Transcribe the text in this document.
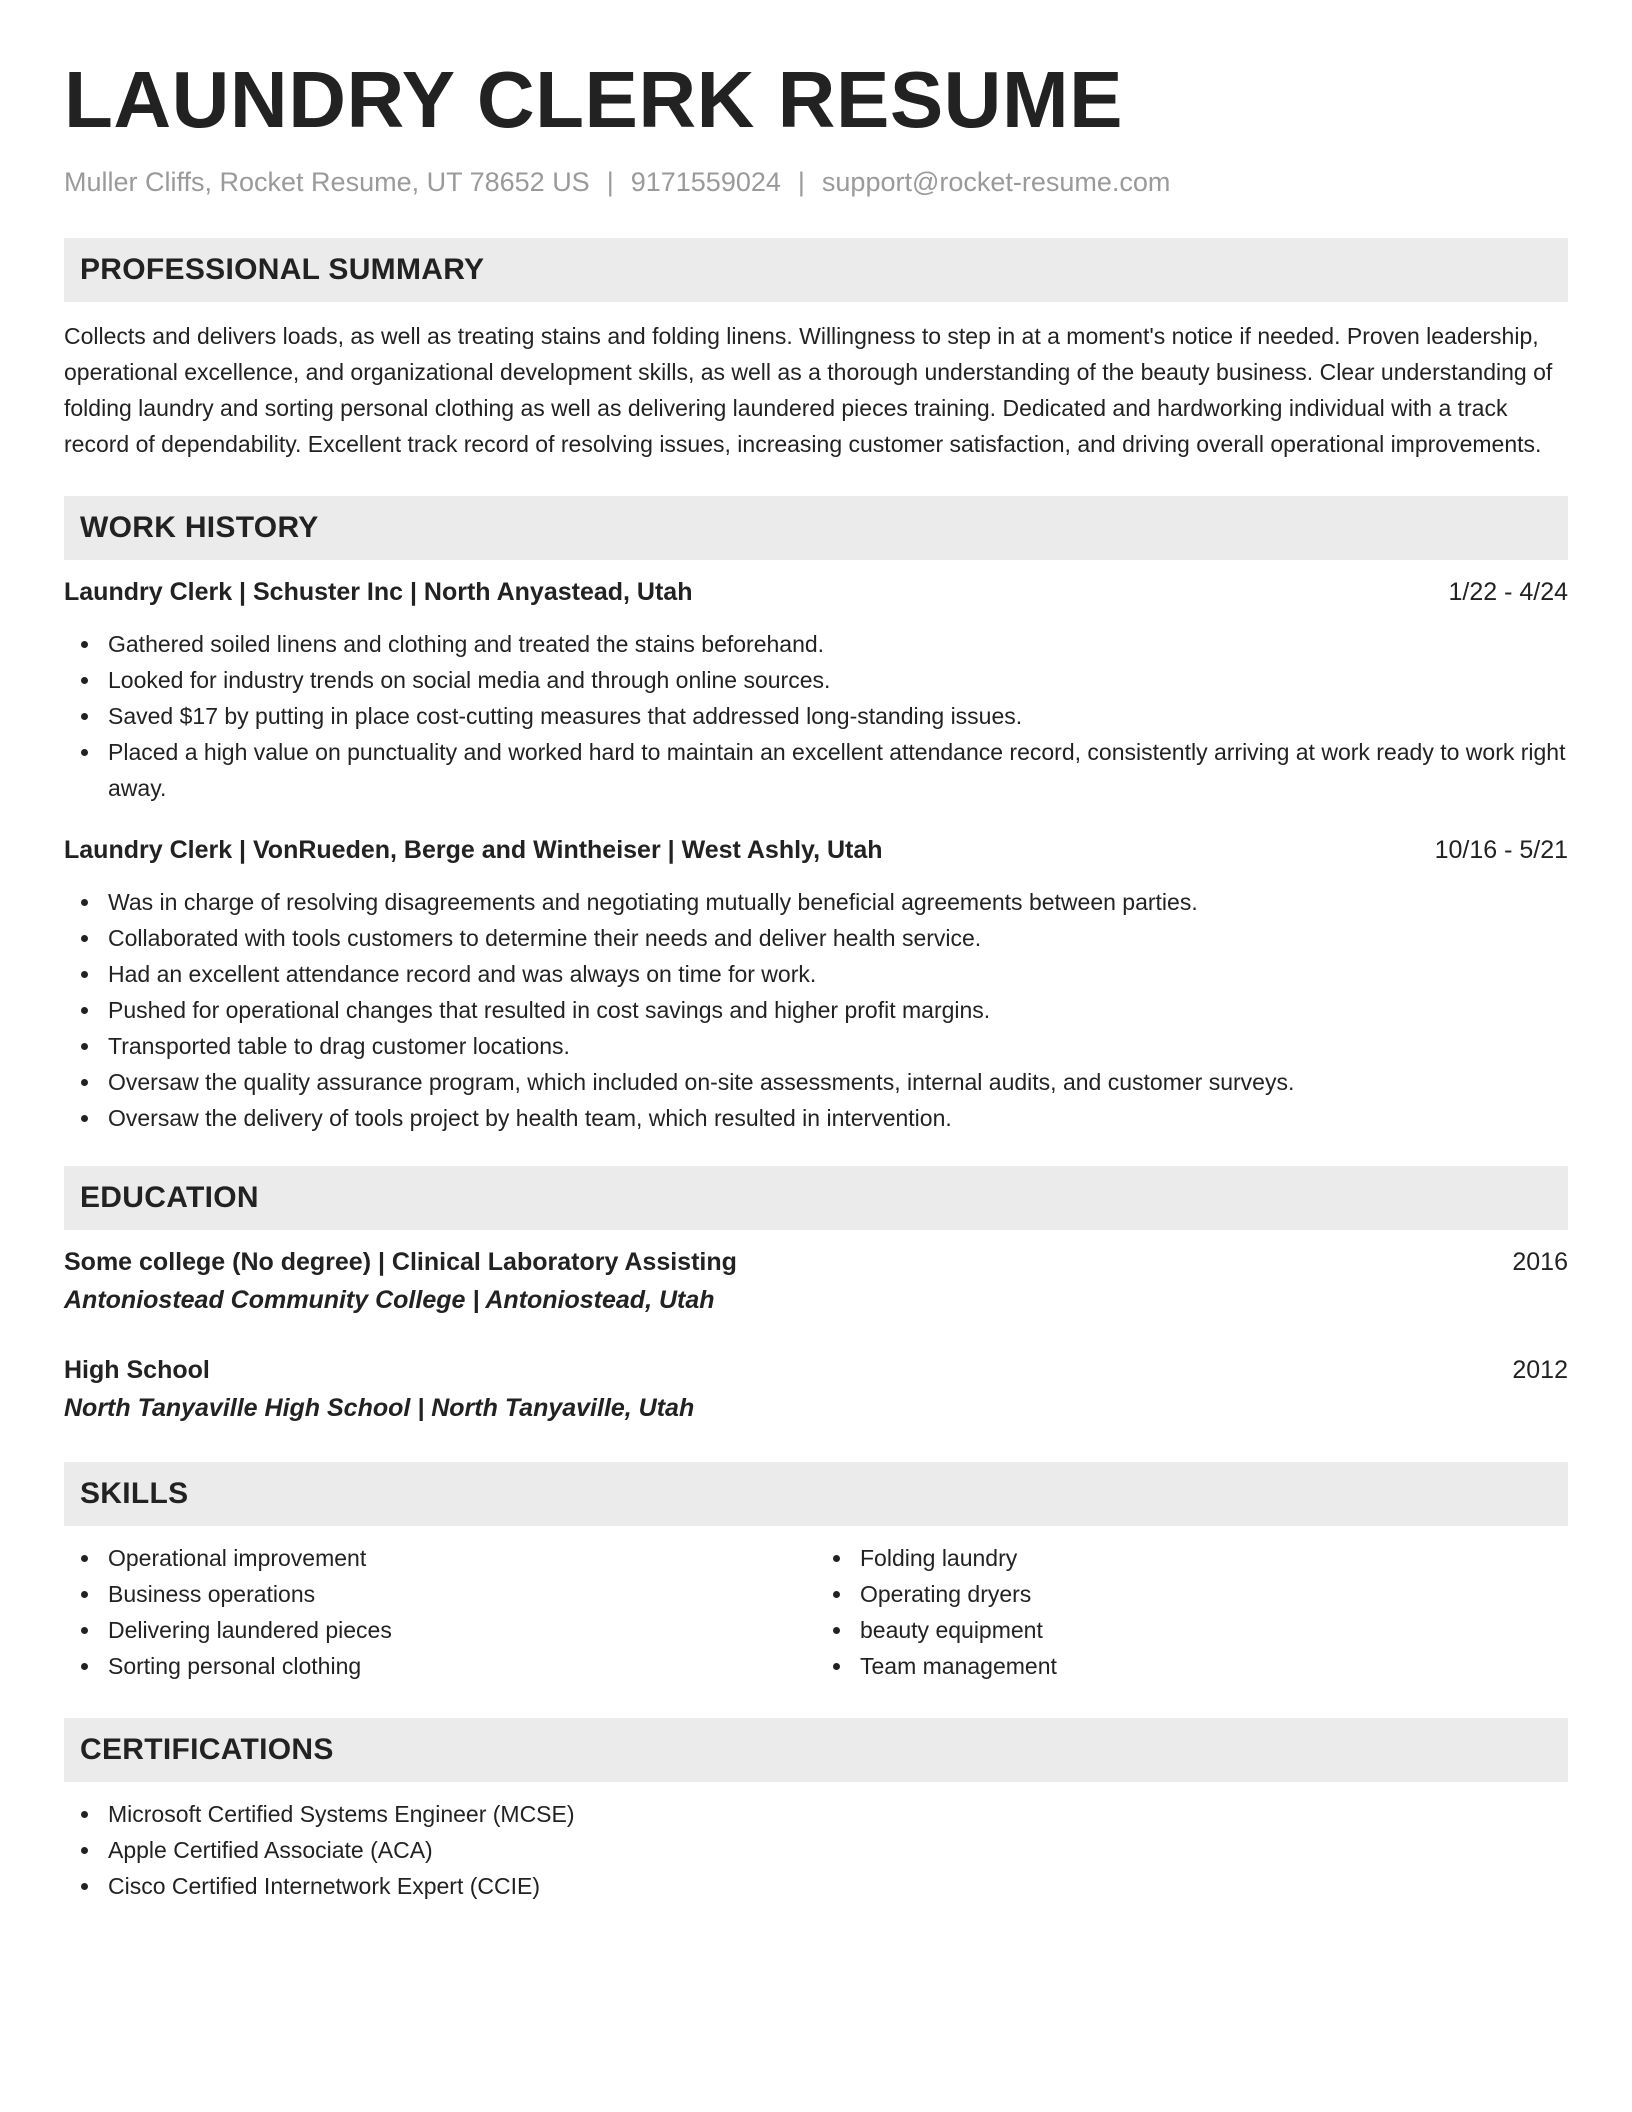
LAUNDRY CLERK RESUME
Muller Cliffs, Rocket Resume, UT 78652 US | 9171559024 | support@rocket-resume.com
PROFESSIONAL SUMMARY

Collects and delivers loads, as well as treating stains and folding linens. Willingness to step in at a moment's notice if needed. Proven leadership, operational excellence, and organizational development skills, as well as a thorough understanding of the beauty business. Clear understanding of folding laundry and sorting personal clothing as well as delivering laundered pieces training. Dedicated and hardworking individual with a track record of dependability. Excellent track record of resolving issues, increasing customer satisfaction, and driving overall operational improvements.

WORK HISTORY
Laundry Clerk | Schuster Inc | North Anyastead, Utah	1/22 - 4/24
Gathered soiled linens and clothing and treated the stains beforehand.
Looked for industry trends on social media and through online sources.
Saved $17 by putting in place cost-cutting measures that addressed long-standing issues.
Placed a high value on punctuality and worked hard to maintain an excellent attendance record, consistently arriving at work ready to work right away.
Laundry Clerk | VonRueden, Berge and Wintheiser | West Ashly, Utah	10/16 - 5/21
Was in charge of resolving disagreements and negotiating mutually beneficial agreements between parties.
Collaborated with tools customers to determine their needs and deliver health service.
Had an excellent attendance record and was always on time for work.
Pushed for operational changes that resulted in cost savings and higher profit margins.
Transported table to drag customer locations.
Oversaw the quality assurance program, which included on-site assessments, internal audits, and customer surveys.
Oversaw the delivery of tools project by health team, which resulted in intervention.
EDUCATION
Some college (No degree) | Clinical Laboratory Assisting	2016
Antoniostead Community College | Antoniostead, Utah
High School	2012
North Tanyaville High School | North Tanyaville, Utah
SKILLS
Operational improvement
Business operations
Delivering laundered pieces
Sorting personal clothing
Folding laundry
Operating dryers
beauty equipment
Team management
CERTIFICATIONS
Microsoft Certified Systems Engineer (MCSE)
Apple Certified Associate (ACA)
Cisco Certified Internetwork Expert (CCIE)
